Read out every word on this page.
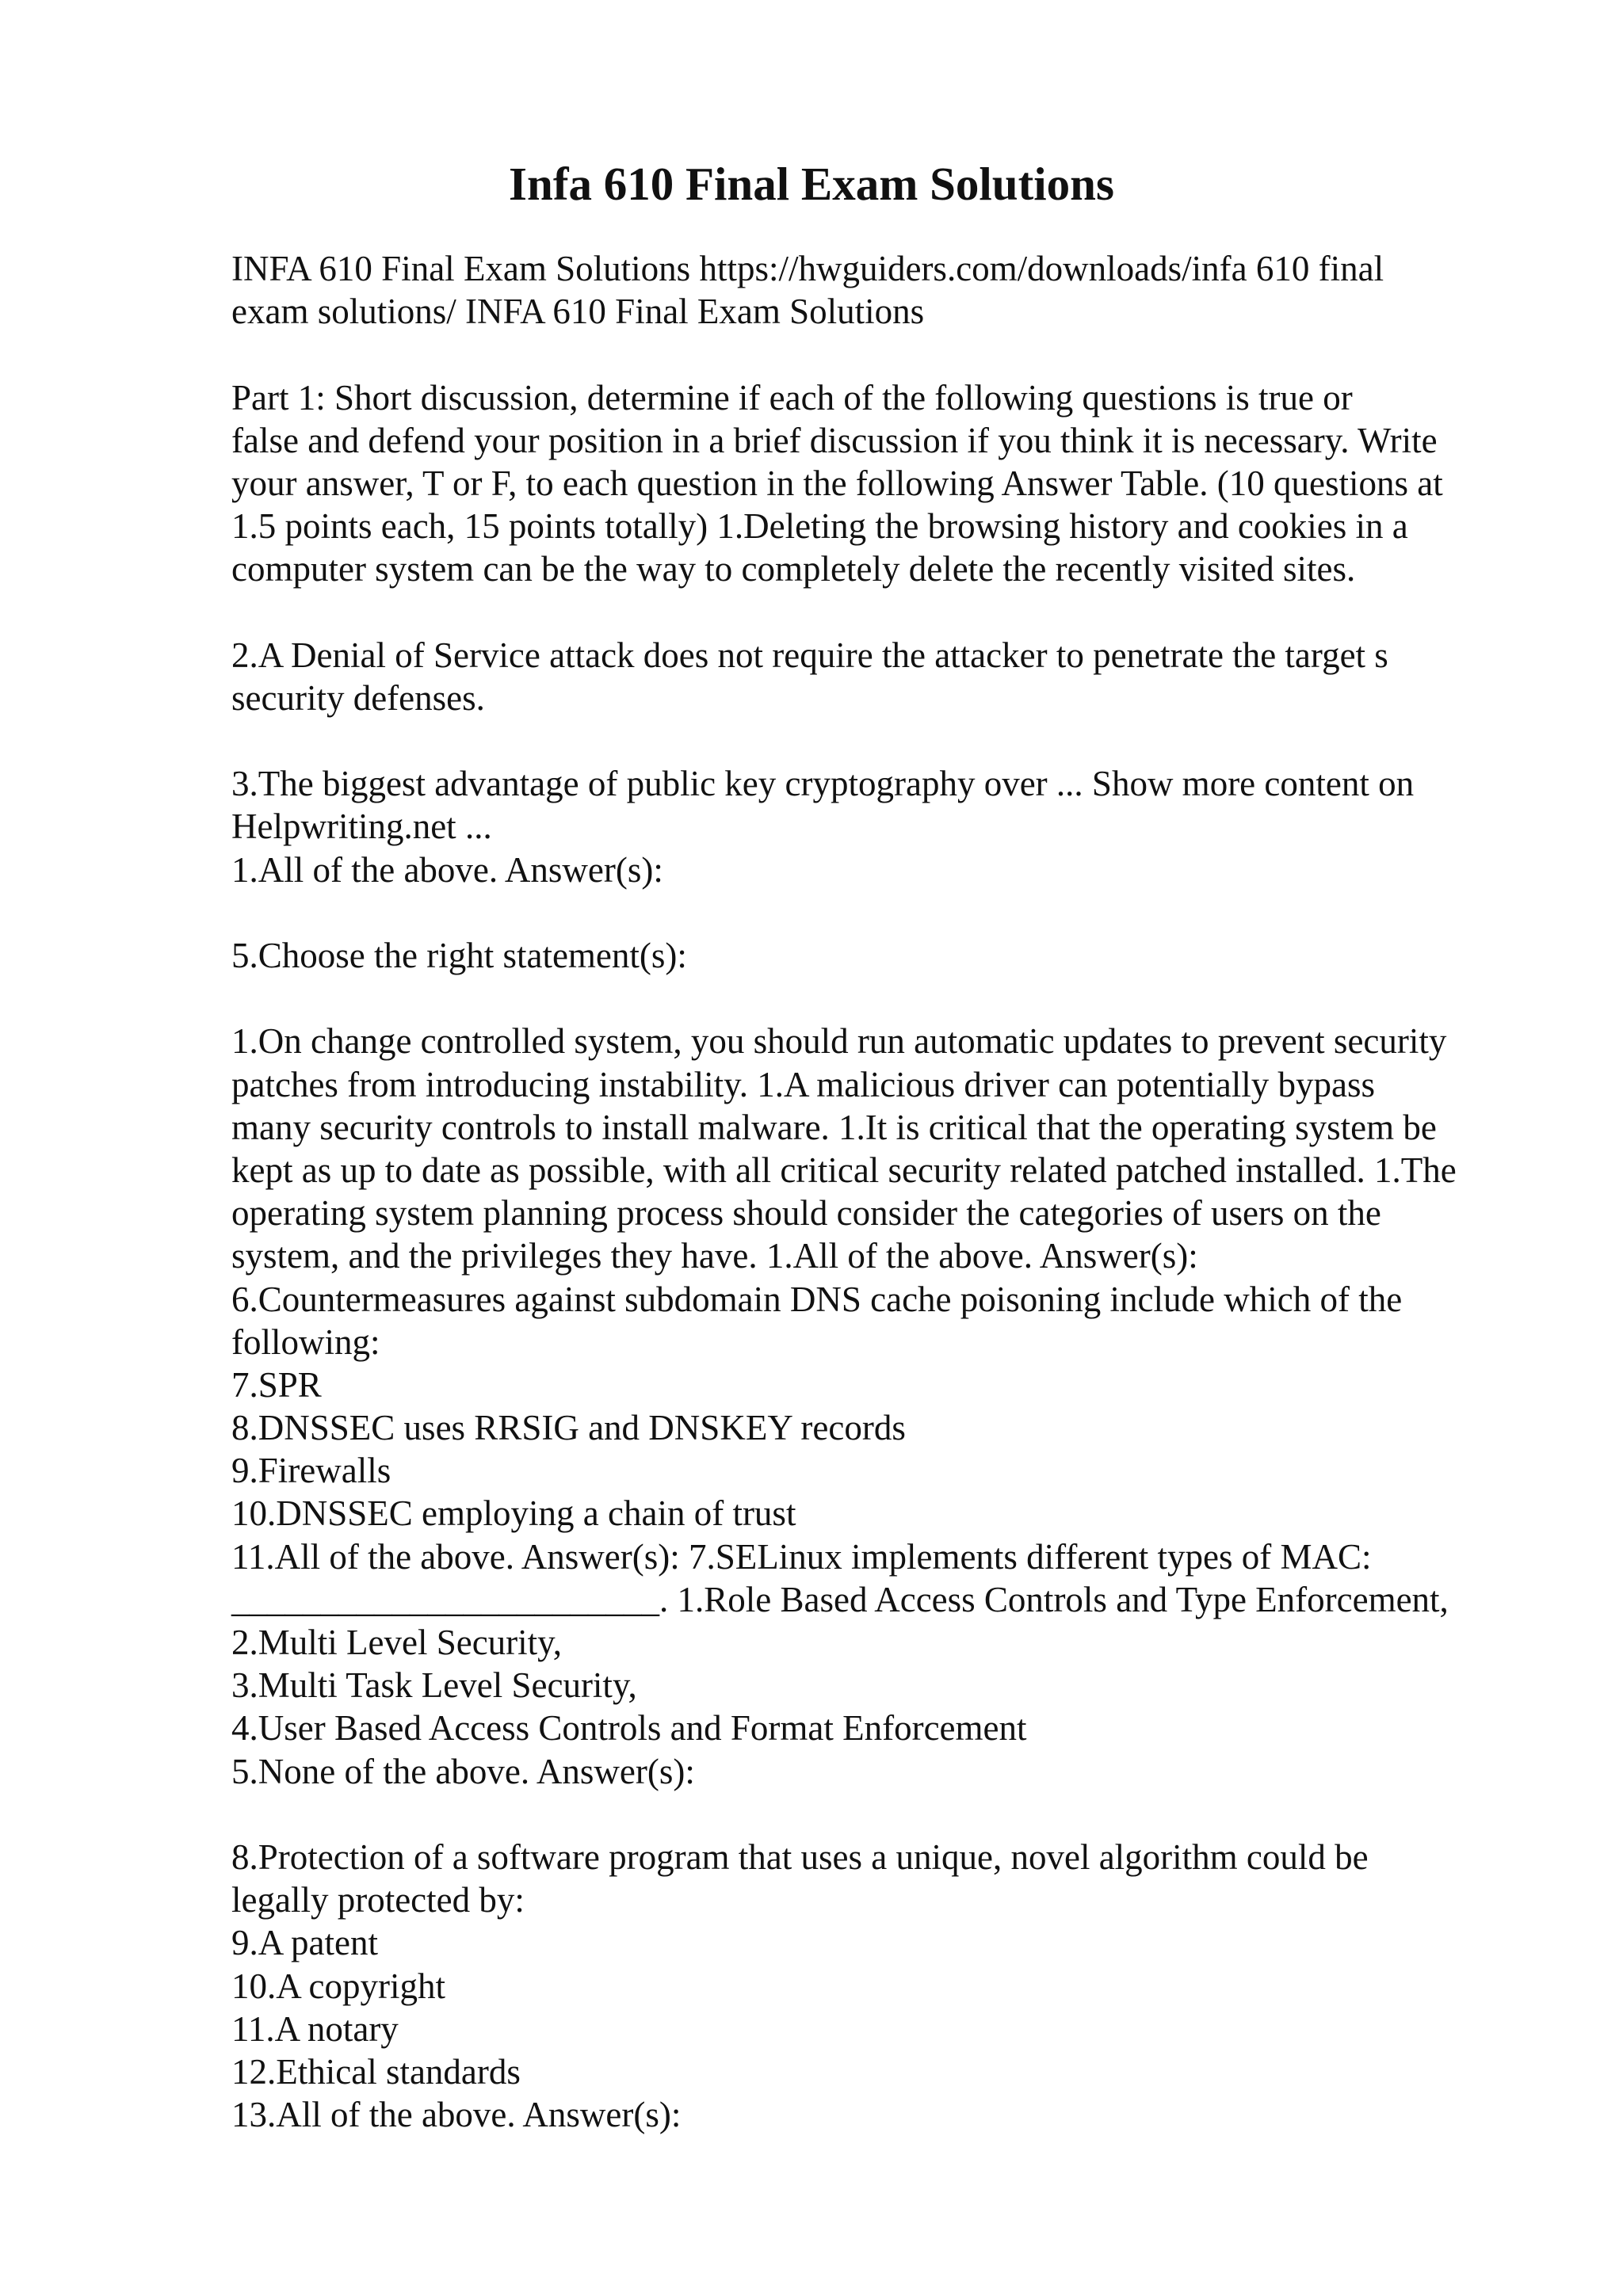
Infa 610 Final Exam Solutions
INFA 610 Final Exam Solutions https://hwguiders.com/downloads/infa 610 final
exam solutions/ INFA 610 Final Exam Solutions
Part 1: Short discussion, determine if each of the following questions is true or
false and defend your position in a brief discussion if you think it is necessary. Write
your answer, T or F, to each question in the following Answer Table. (10 questions at
1.5 points each, 15 points totally) 1.Deleting the browsing history and cookies in a
computer system can be the way to completely delete the recently visited sites.
2.A Denial of Service attack does not require the attacker to penetrate the target s
security defenses.
3.The biggest advantage of public key cryptography over ... Show more content on
Helpwriting.net ...
1.All of the above. Answer(s):
5.Choose the right statement(s):
1.On change controlled system, you should run automatic updates to prevent security
patches from introducing instability. 1.A malicious driver can potentially bypass
many security controls to install malware. 1.It is critical that the operating system be
kept as up to date as possible, with all critical security related patched installed. 1.The
operating system planning process should consider the categories of users on the
system, and the privileges they have. 1.All of the above. Answer(s):
6.Countermeasures against subdomain DNS cache poisoning include which of the
following:
7.SPR
8.DNSSEC uses RRSIG and DNSKEY records
9.Firewalls
10.DNSSEC employing a chain of trust
11.All of the above. Answer(s): 7.SELinux implements different types of MAC:
________________________. 1.Role Based Access Controls and Type Enforcement,
2.Multi Level Security,
3.Multi Task Level Security,
4.User Based Access Controls and Format Enforcement
5.None of the above. Answer(s):
8.Protection of a software program that uses a unique, novel algorithm could be
legally protected by:
9.A patent
10.A copyright
11.A notary
12.Ethical standards
13.All of the above. Answer(s):
